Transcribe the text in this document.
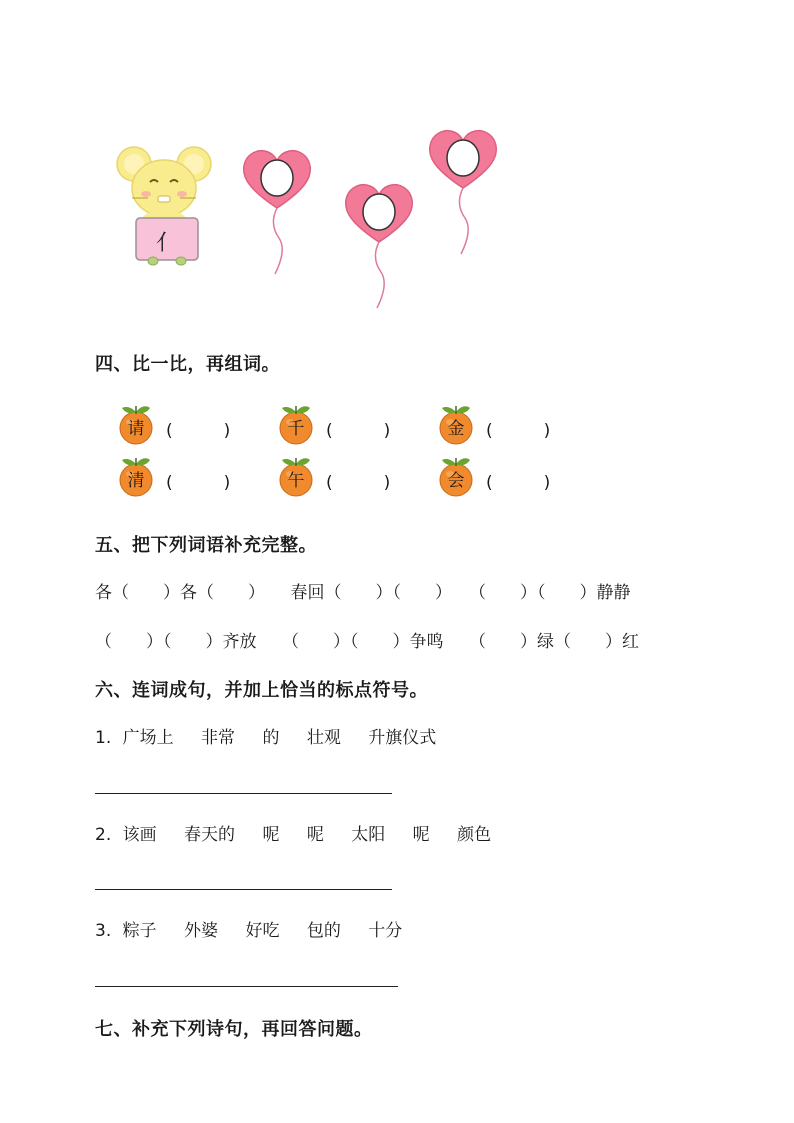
亻
四、比一比，再组词。
请	(　　　)	千	(　　　)	金	(　　　)
清	(　　　)	午	(　　　)	会	(　　　)
五、把下列词语补充完整。
各（　　）各（　　）　　春回（　　）（　　）　　（　　）（　　）静静
（　　）（　　）齐放　　（　　）（　　）争鸣　　（　　）绿（　　）红
六、连词成句，并加上恰当的标点符号。
1. 广场上 非常 的 壮观 升旗仪式
2. 该画 春天的 呢 呢 太阳 呢 颜色
3. 粽子 外婆 好吃 包的 十分
七、补充下列诗句，再回答问题。
